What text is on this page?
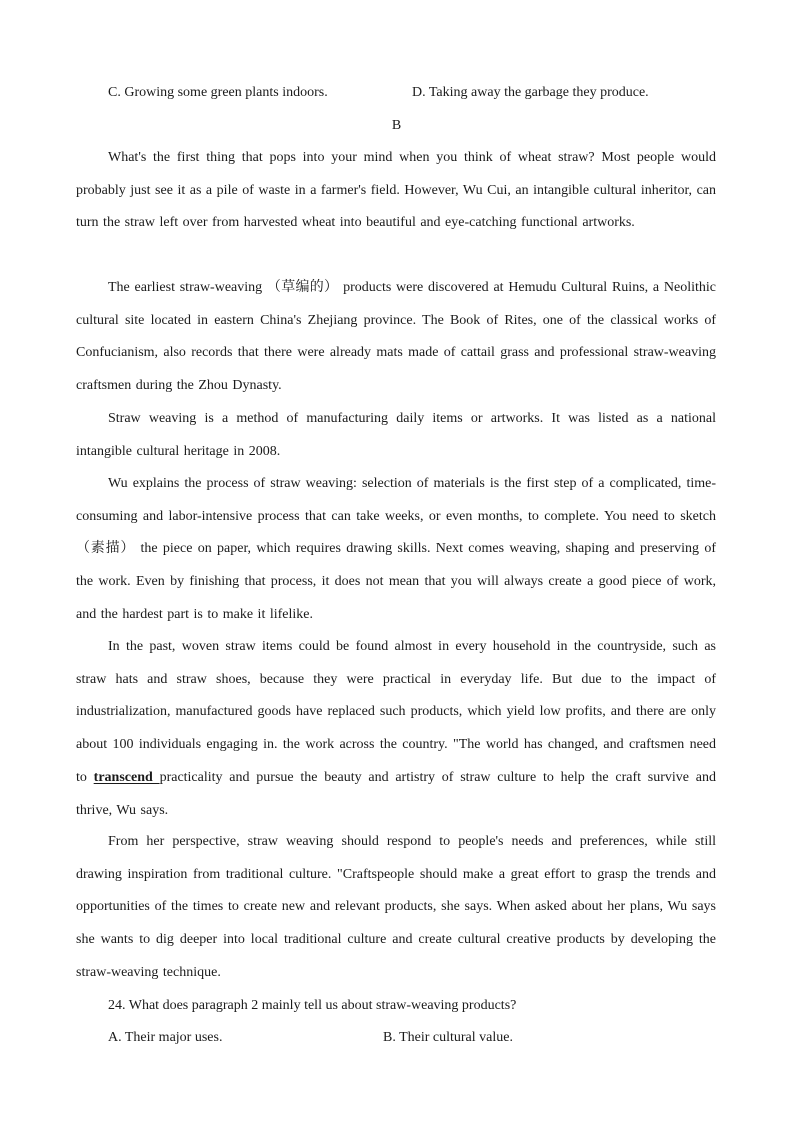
C. Growing some green plants indoors.	D. Taking away the garbage they produce.
B
What's the first thing that pops into your mind when you think of wheat straw? Most people would probably just see it as a pile of waste in a farmer's field. However, Wu Cui, an intangible cultural inheritor, can turn the straw left over from harvested wheat into beautiful and eye-catching functional artworks.
The earliest straw-weaving （草编的） products were discovered at Hemudu Cultural Ruins, a Neolithic cultural site located in eastern China's Zhejiang province. The Book of Rites, one of the classical works of Confucianism, also records that there were already mats made of cattail grass and professional straw-weaving craftsmen during the Zhou Dynasty.
Straw weaving is a method of manufacturing daily items or artworks. It was listed as a national intangible cultural heritage in 2008.
Wu explains the process of straw weaving: selection of materials is the first step of a complicated, time-consuming and labor-intensive process that can take weeks, or even months, to complete. You need to sketch（素描） the piece on paper, which requires drawing skills. Next comes weaving, shaping and preserving of the work. Even by finishing that process, it does not mean that you will always create a good piece of work, and the hardest part is to make it lifelike.
In the past, woven straw items could be found almost in every household in the countryside, such as straw hats and straw shoes, because they were practical in everyday life. But due to the impact of industrialization, manufactured goods have replaced such products, which yield low profits, and there are only about 100 individuals engaging in. the work across the country. "The world has changed, and craftsmen need to transcend practicality and pursue the beauty and artistry of straw culture to help the craft survive and thrive, Wu says.
From her perspective, straw weaving should respond to people's needs and preferences, while still drawing inspiration from traditional culture. "Craftspeople should make a great effort to grasp the trends and opportunities of the times to create new and relevant products, she says. When asked about her plans, Wu says she wants to dig deeper into local traditional culture and create cultural creative products by developing the straw-weaving technique.
24. What does paragraph 2 mainly tell us about straw-weaving products?
A. Their major uses.	B. Their cultural value.
